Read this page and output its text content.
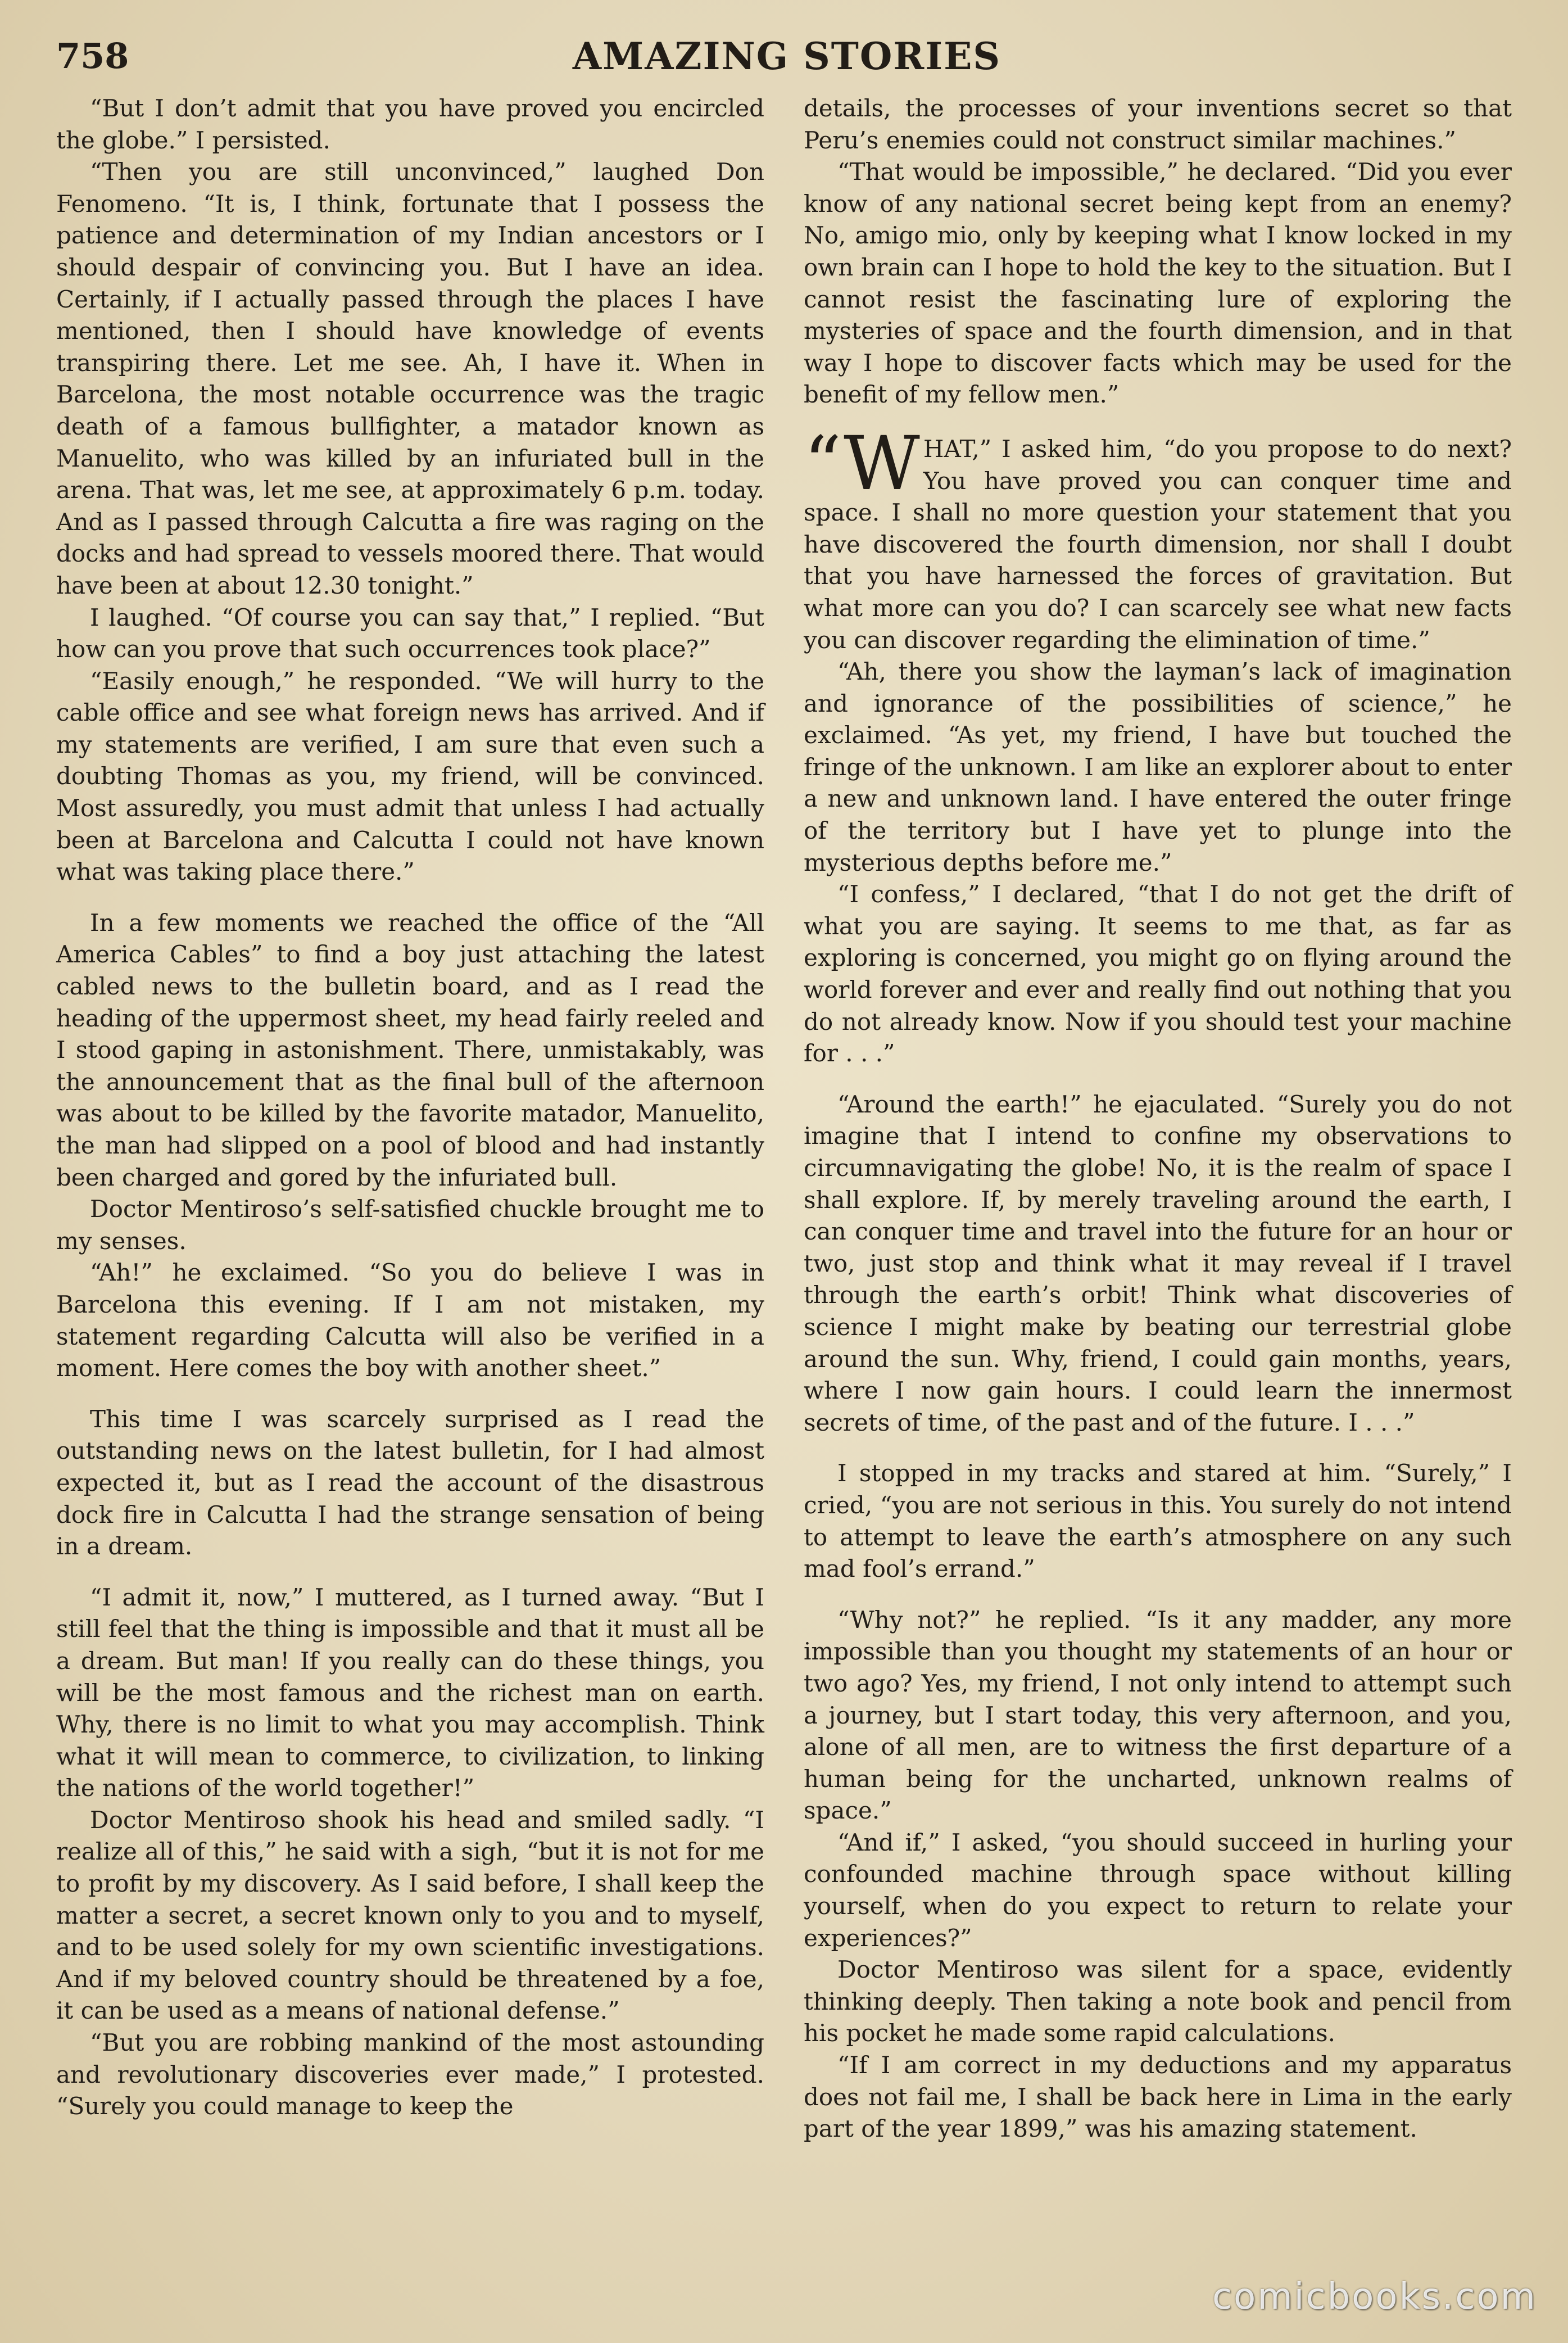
758	AMAZING STORIES

“But I don’t admit that you have proved you encircled the globe.” I persisted.

“Then you are still unconvinced,” laughed Don Fenomeno. “It is, I think, fortunate that I possess the patience and determination of my Indian ancestors or I should despair of convincing you. But I have an idea. Certainly, if I actually passed through the places I have mentioned, then I should have knowledge of events transpiring there. Let me see. Ah, I have it. When in Barcelona, the most notable occurrence was the tragic death of a famous bullfighter, a matador known as Manuelito, who was killed by an infuriated bull in the arena. That was, let me see, at approximately 6 p.m. today. And as I passed through Calcutta a fire was raging on the docks and had spread to vessels moored there. That would have been at about 12.30 tonight.”

I laughed. “Of course you can say that,” I replied. “But how can you prove that such occurrences took place?”

“Easily enough,” he responded. “We will hurry to the cable office and see what foreign news has arrived. And if my statements are verified, I am sure that even such a doubting Thomas as you, my friend, will be convinced. Most assuredly, you must admit that unless I had actually been at Barcelona and Calcutta I could not have known what was taking place there.”

In a few moments we reached the office of the “All America Cables” to find a boy just attaching the latest cabled news to the bulletin board, and as I read the heading of the uppermost sheet, my head fairly reeled and I stood gaping in astonishment. There, unmistakably, was the announcement that as the final bull of the afternoon was about to be killed by the favorite matador, Manuelito, the man had slipped on a pool of blood and had instantly been charged and gored by the infuriated bull.

Doctor Mentiroso’s self-satisfied chuckle brought me to my senses.

“Ah!” he exclaimed. “So you do believe I was in Barcelona this evening. If I am not mistaken, my statement regarding Calcutta will also be verified in a moment. Here comes the boy with another sheet.”

This time I was scarcely surprised as I read the outstanding news on the latest bulletin, for I had almost expected it, but as I read the account of the disastrous dock fire in Calcutta I had the strange sensation of being in a dream.

“I admit it, now,” I muttered, as I turned away. “But I still feel that the thing is impossible and that it must all be a dream. But man! If you really can do these things, you will be the most famous and the richest man on earth. Why, there is no limit to what you may accomplish. Think what it will mean to commerce, to civilization, to linking the nations of the world together!”

Doctor Mentiroso shook his head and smiled sadly. “I realize all of this,” he said with a sigh, “but it is not for me to profit by my discovery. As I said before, I shall keep the matter a secret, a secret known only to you and to myself, and to be used solely for my own scientific investigations. And if my beloved country should be threatened by a foe, it can be used as a means of national defense.”

“But you are robbing mankind of the most astounding and revolutionary discoveries ever made,” I protested. “Surely you could manage to keep the

details, the processes of your inventions secret so that Peru’s enemies could not construct similar machines.”

“That would be impossible,” he declared. “Did you ever know of any national secret being kept from an enemy? No, amigo mio, only by keeping what I know locked in my own brain can I hope to hold the key to the situation. But I cannot resist the fascinating lure of exploring the mysteries of space and the fourth dimension, and in that way I hope to discover facts which may be used for the benefit of my fellow men.”

“WHAT,” I asked him, “do you propose to do next? You have proved you can conquer time and space. I shall no more question your statement that you have discovered the fourth dimension, nor shall I doubt that you have harnessed the forces of gravitation. But what more can you do? I can scarcely see what new facts you can discover regarding the elimination of time.”

“Ah, there you show the layman’s lack of imagination and ignorance of the possibilities of science,” he exclaimed. “As yet, my friend, I have but touched the fringe of the unknown. I am like an explorer about to enter a new and unknown land. I have entered the outer fringe of the territory but I have yet to plunge into the mysterious depths before me.”

“I confess,” I declared, “that I do not get the drift of what you are saying. It seems to me that, as far as exploring is concerned, you might go on flying around the world forever and ever and really find out nothing that you do not already know. Now if you should test your machine for . . .”

“Around the earth!” he ejaculated. “Surely you do not imagine that I intend to confine my observations to circumnavigating the globe! No, it is the realm of space I shall explore. If, by merely traveling around the earth, I can conquer time and travel into the future for an hour or two, just stop and think what it may reveal if I travel through the earth’s orbit! Think what discoveries of science I might make by beating our terrestrial globe around the sun. Why, friend, I could gain months, years, where I now gain hours. I could learn the innermost secrets of time, of the past and of the future. I . . .”

I stopped in my tracks and stared at him. “Surely,” I cried, “you are not serious in this. You surely do not intend to attempt to leave the earth’s atmosphere on any such mad fool’s errand.”

“Why not?” he replied. “Is it any madder, any more impossible than you thought my statements of an hour or two ago? Yes, my friend, I not only intend to attempt such a journey, but I start today, this very afternoon, and you, alone of all men, are to witness the first departure of a human being for the uncharted, unknown realms of space.”

“And if,” I asked, “you should succeed in hurling your confounded machine through space without killing yourself, when do you expect to return to relate your experiences?”

Doctor Mentiroso was silent for a space, evidently thinking deeply. Then taking a note book and pencil from his pocket he made some rapid calculations.

“If I am correct in my deductions and my apparatus does not fail me, I shall be back here in Lima in the early part of the year 1899,” was his amazing statement.

comicbooks.com
